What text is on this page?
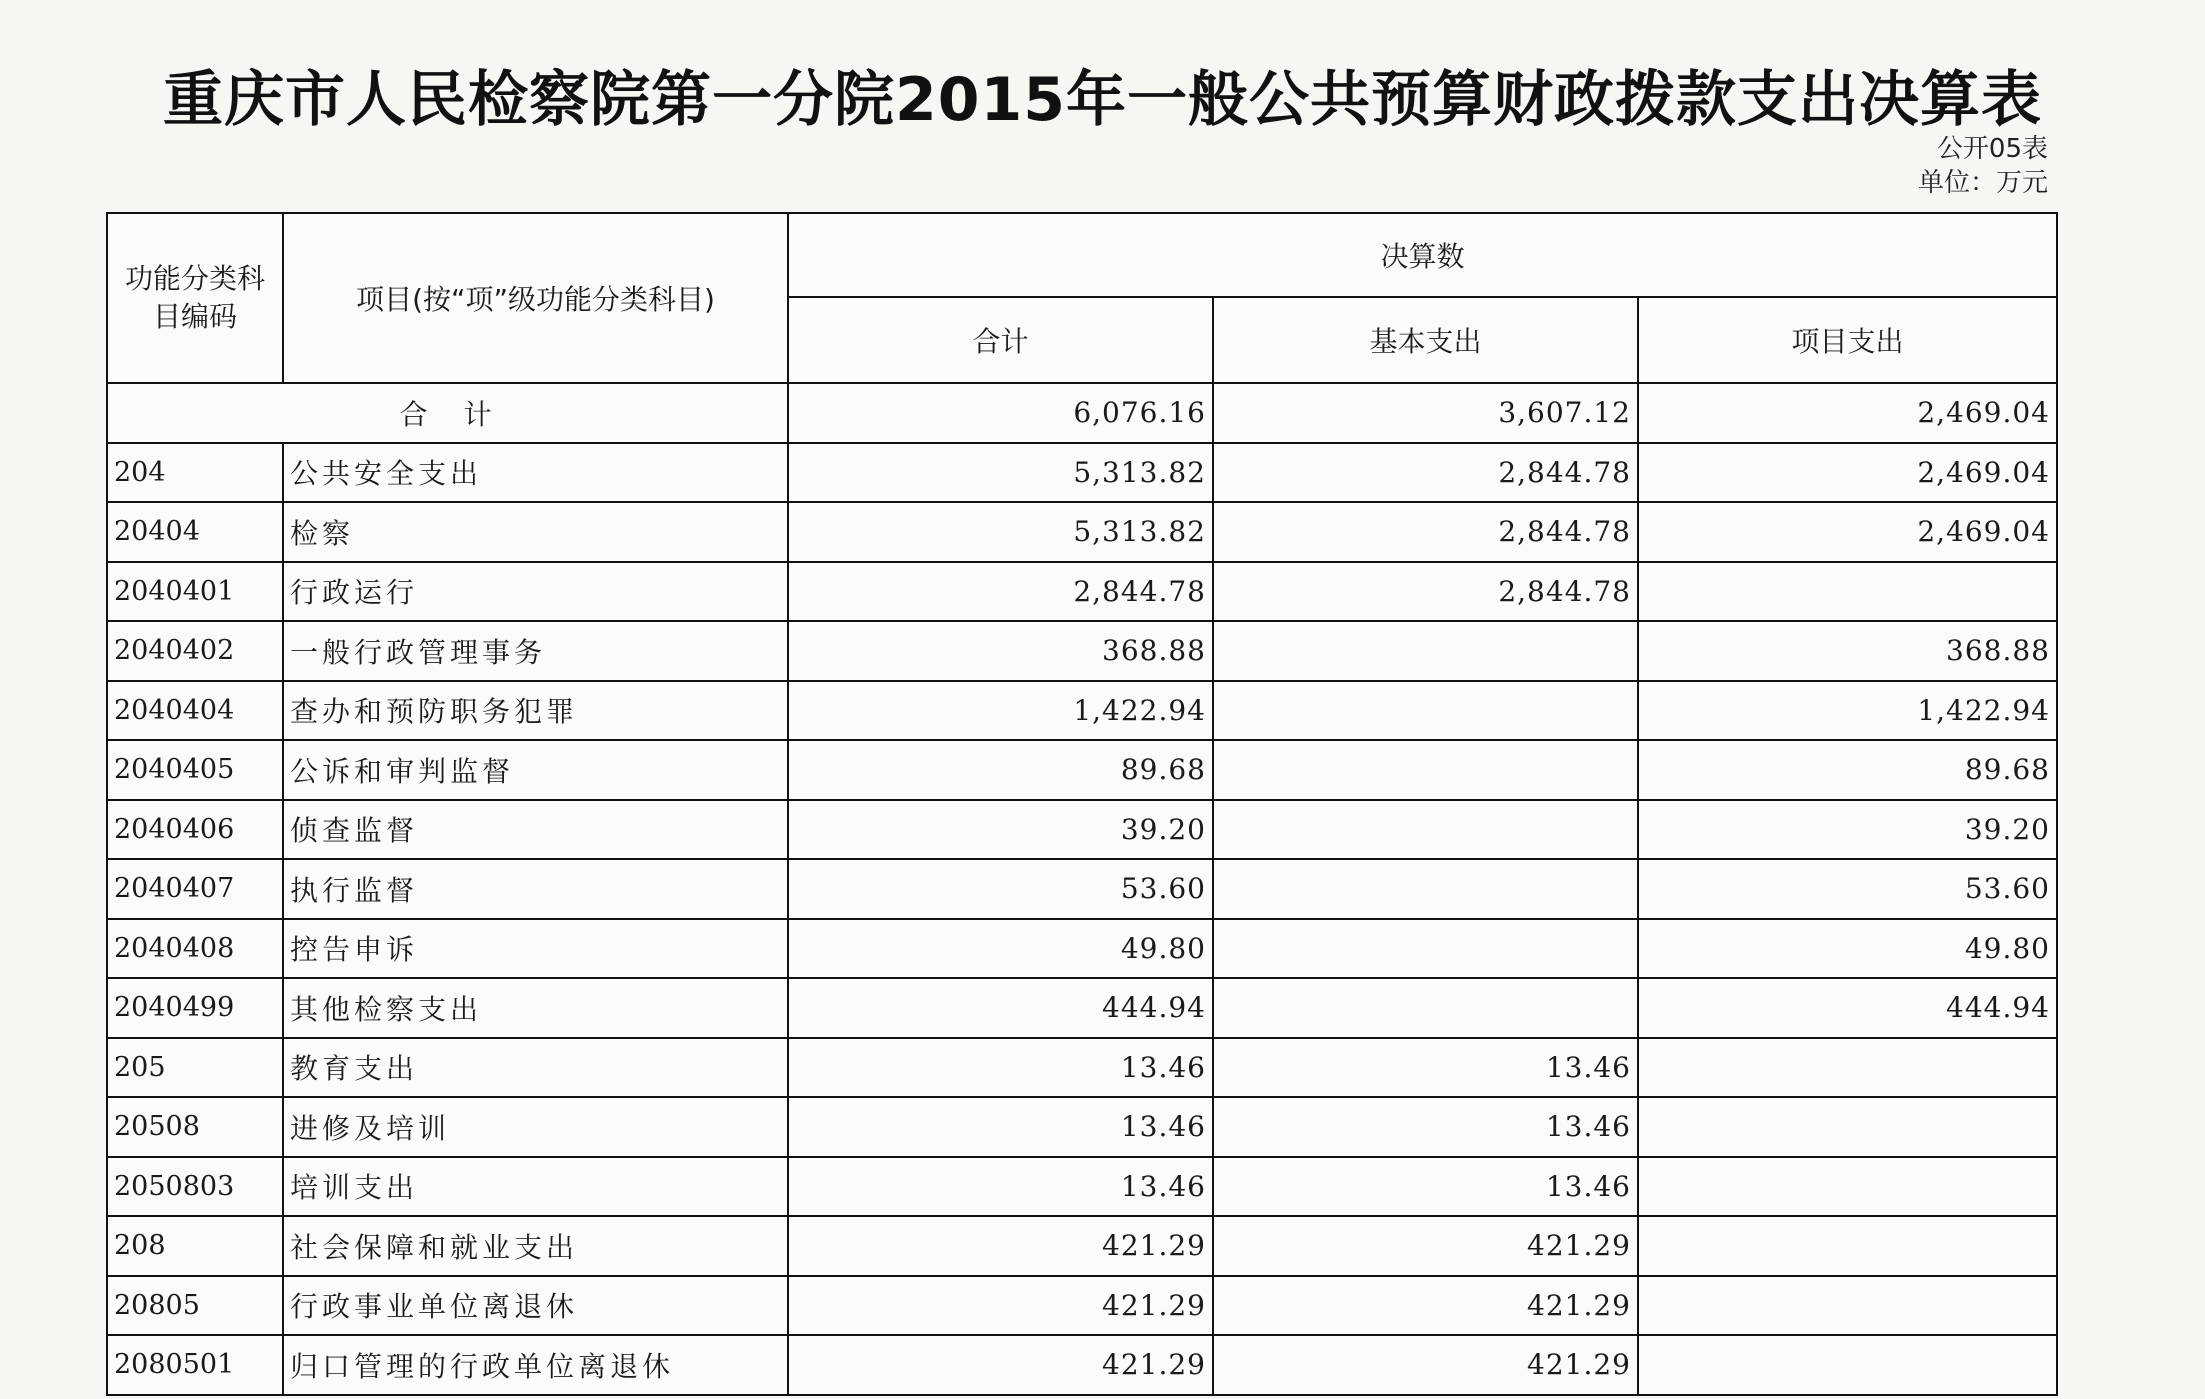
重庆市人民检察院第一分院2015年一般公共预算财政拨款支出决算表
公开05表
单位：万元
功能分类科目编码	项目(按“项”级功能分类科目)	决算数		
		合计	基本支出	项目支出
合　计		6,076.16	3,607.12	2,469.04
204	公共安全支出	5,313.82	2,844.78	2,469.04
20404	检察	5,313.82	2,844.78	2,469.04
2040401	行政运行	2,844.78	2,844.78	
2040402	一般行政管理事务	368.88		368.88
2040404	查办和预防职务犯罪	1,422.94		1,422.94
2040405	公诉和审判监督	89.68		89.68
2040406	侦查监督	39.20		39.20
2040407	执行监督	53.60		53.60
2040408	控告申诉	49.80		49.80
2040499	其他检察支出	444.94		444.94
205	教育支出	13.46	13.46	
20508	进修及培训	13.46	13.46	
2050803	培训支出	13.46	13.46	
208	社会保障和就业支出	421.29	421.29	
20805	行政事业单位离退休	421.29	421.29	
2080501	归口管理的行政单位离退休	421.29	421.29	
